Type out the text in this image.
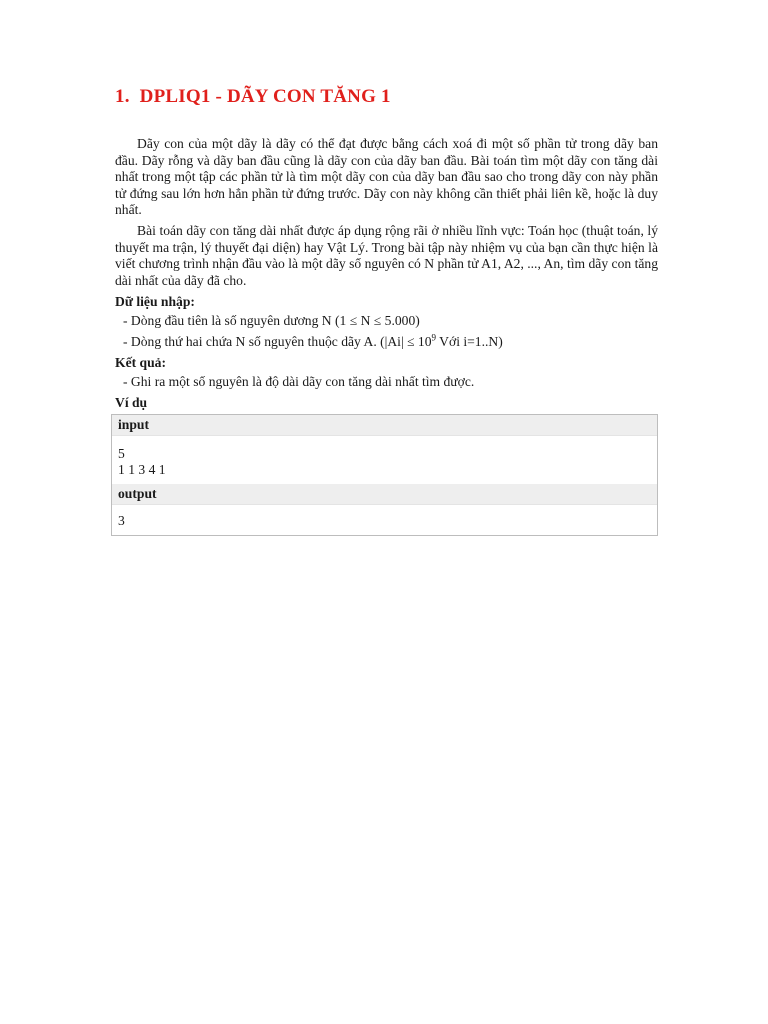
1. DPLIQ1 - DÃY CON TĂNG 1

Dãy con của một dãy là dãy có thể đạt được bằng cách xoá đi một số phần tử trong dãy ban đầu. Dãy rỗng và dãy ban đầu cũng là dãy con của dãy ban đầu. Bài toán tìm một dãy con tăng dài nhất trong một tập các phần tử là tìm một dãy con của dãy ban đầu sao cho trong dãy con này phần tử đứng sau lớn hơn hẳn phần tử đứng trước. Dãy con này không cần thiết phải liên kề, hoặc là duy nhất.

Bài toán dãy con tăng dài nhất được áp dụng rộng rãi ở nhiều lĩnh vực: Toán học (thuật toán, lý thuyết ma trận, lý thuyết đại diện) hay Vật Lý. Trong bài tập này nhiệm vụ của bạn cần thực hiện là viết chương trình nhận đầu vào là một dãy số nguyên có N phần tử A1, A2, ..., An, tìm dãy con tăng dài nhất của dãy đã cho.

Dữ liệu nhập:
- Dòng đầu tiên là số nguyên dương N (1 ≤ N ≤ 5.000)
- Dòng thứ hai chứa N số nguyên thuộc dãy A. ($|Ai| \le 10^9$ Với i=1..N)
Kết quả:
- Ghi ra một số nguyên là độ dài dãy con tăng dài nhất tìm được.
Ví dụ
input
5
1 1 3 4 1
output
3
